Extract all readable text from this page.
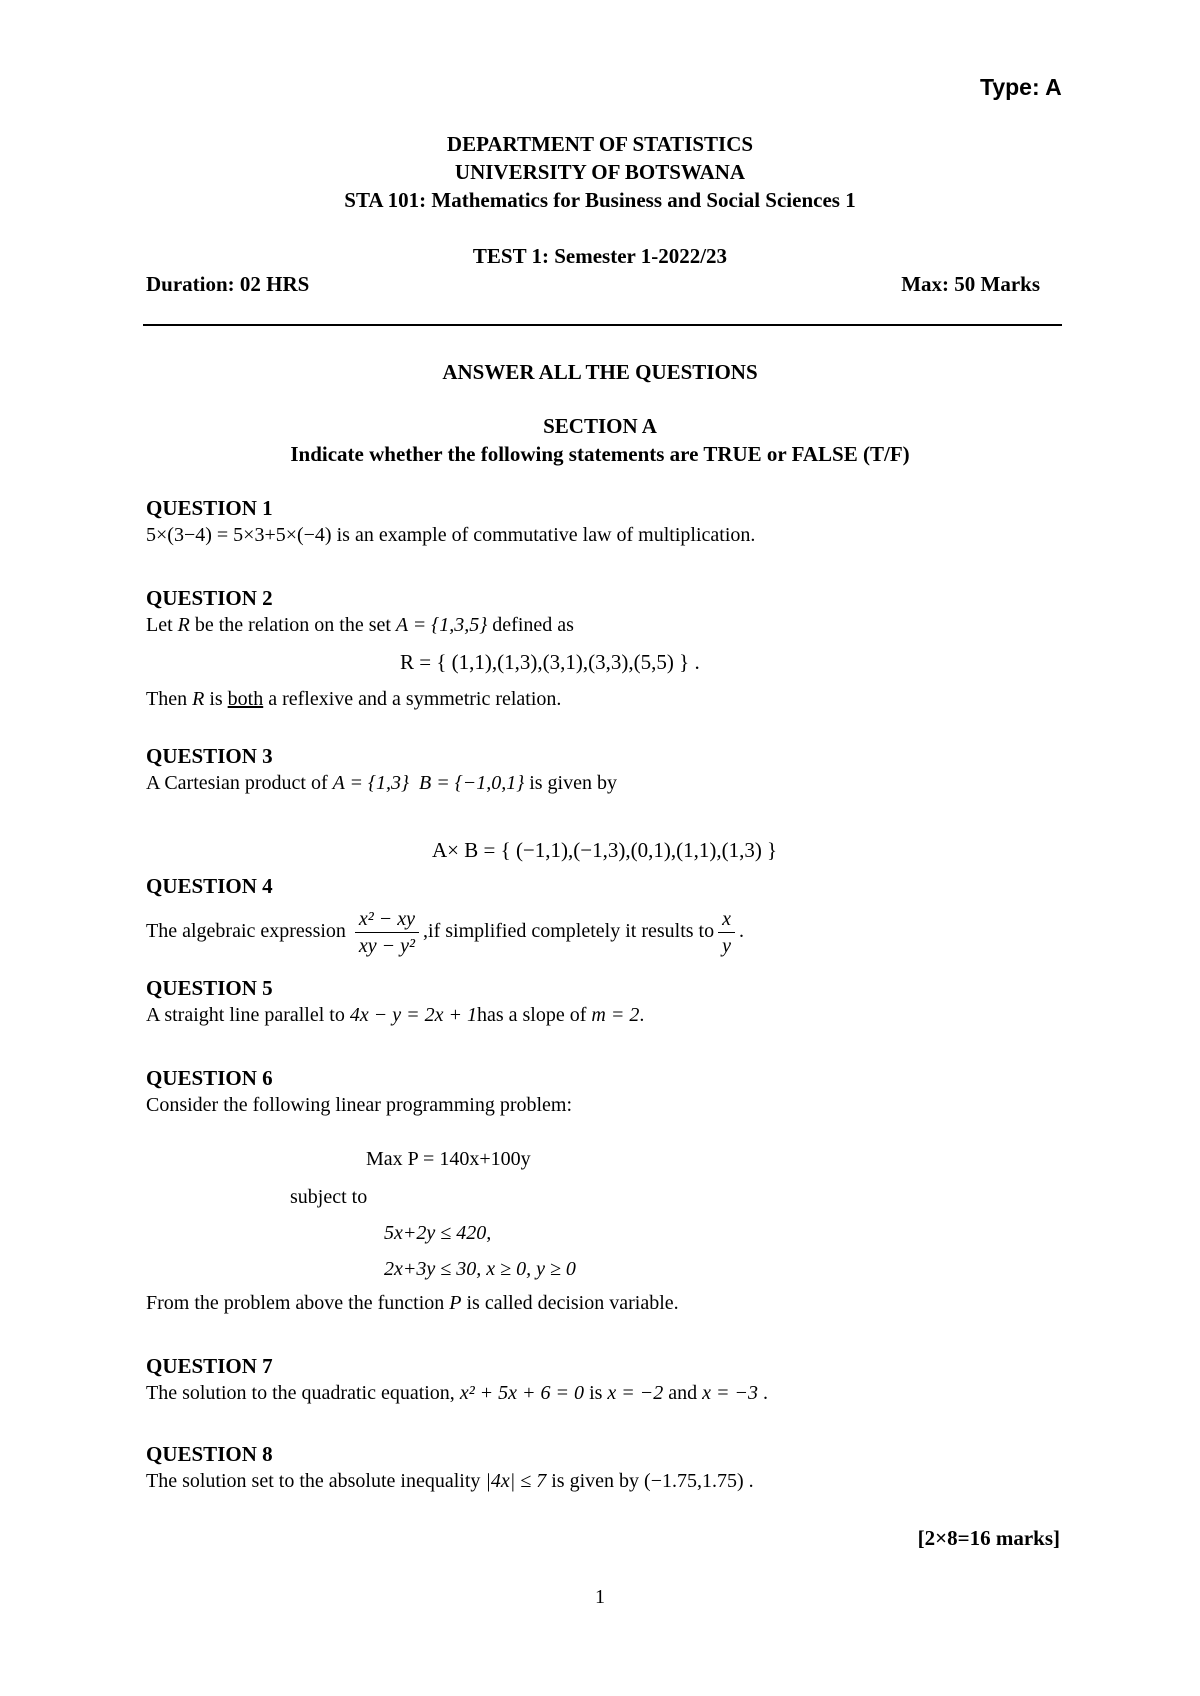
Type: A
DEPARTMENT OF STATISTICS
UNIVERSITY OF BOTSWANA
STA 101: Mathematics for Business and Social Sciences 1
TEST 1: Semester 1-2022/23
Duration: 02 HRS	Max: 50 Marks
ANSWER ALL THE QUESTIONS
SECTION A
Indicate whether the following statements are TRUE or FALSE (T/F)
QUESTION 1
5×(3−4) = 5×3+5×(−4) is an example of commutative law of multiplication.
QUESTION 2
Let R be the relation on the set A = {1,3,5} defined as
R = { (1,1),(1,3),(3,1),(3,3),(5,5) } .
Then R is both a reflexive and a symmetric relation.
QUESTION 3
A Cartesian product of A = {1,3} B = {−1,0,1} is given by
A× B = { (−1,1),(−1,3),(0,1),(1,1),(1,3) }
QUESTION 4
The algebraic expression $\frac{\text{x² − xy}}{\text{xy − y²}} ,if$ simplified completely it results to $\frac{x}{y}$ .
QUESTION 5
A straight line parallel to 4x − y = 2x + 1has a slope of m = 2.
QUESTION 6
Consider the following linear programming problem:
Max P = 140x+100y
subject to
5x+2y ≤ 420,
2x+3y ≤ 30, x ≥ 0, y ≥ 0
From the problem above the function P is called decision variable.
QUESTION 7
The solution to the quadratic equation, x² + 5x + 6 = 0 is x = −2 and x = −3 .
QUESTION 8
The solution set to the absolute inequality |4x| ≤ 7 is given by (−1.75,1.75) .
[2×8=16 marks]
1
